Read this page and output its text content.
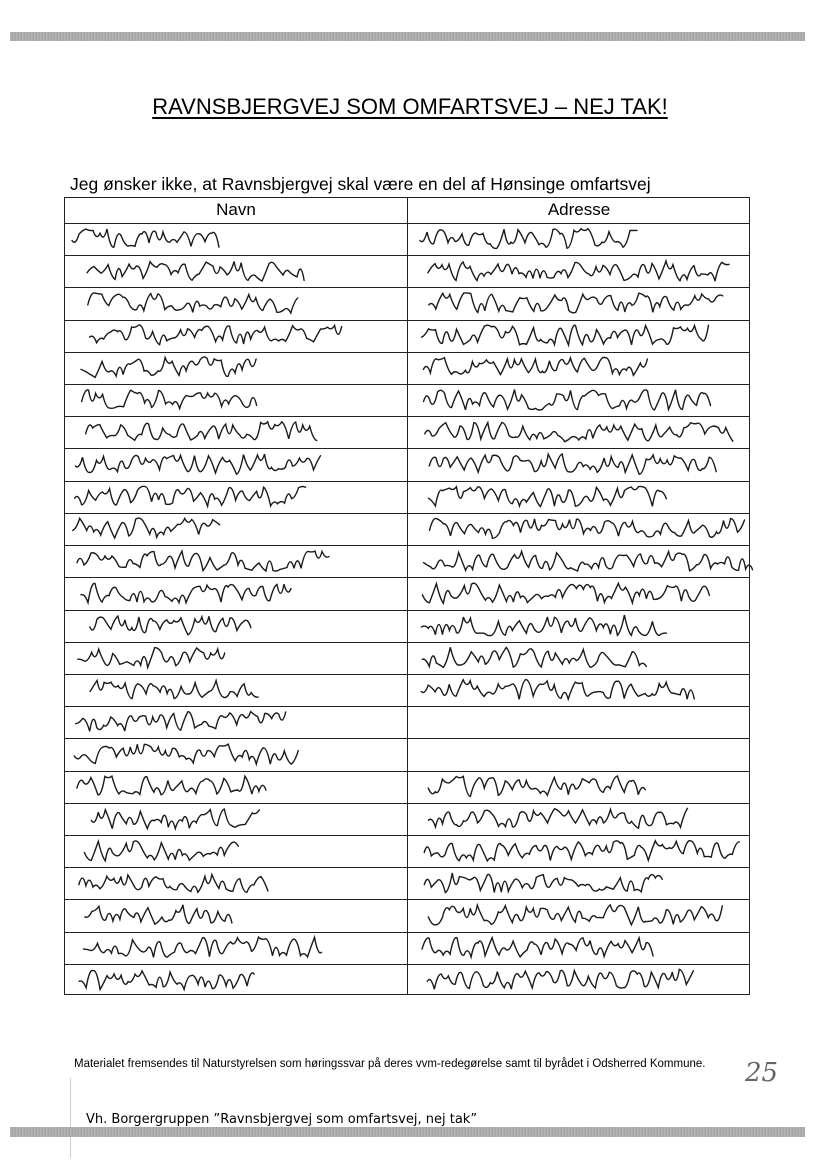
RAVNSBJERGVEJ SOM OMFARTSVEJ – NEJ TAK!
Jeg ønsker ikke, at Ravnsbjergvej skal være en del af Hønsinge omfartsvej
Navn	Adresse
Materialet fremsendes til Naturstyrelsen som høringssvar på deres vvm-redegørelse samt til byrådet i Odsherred Kommune.
Vh. Borgergruppen ”Ravnsbjergvej som omfartsvej, nej tak”
25
